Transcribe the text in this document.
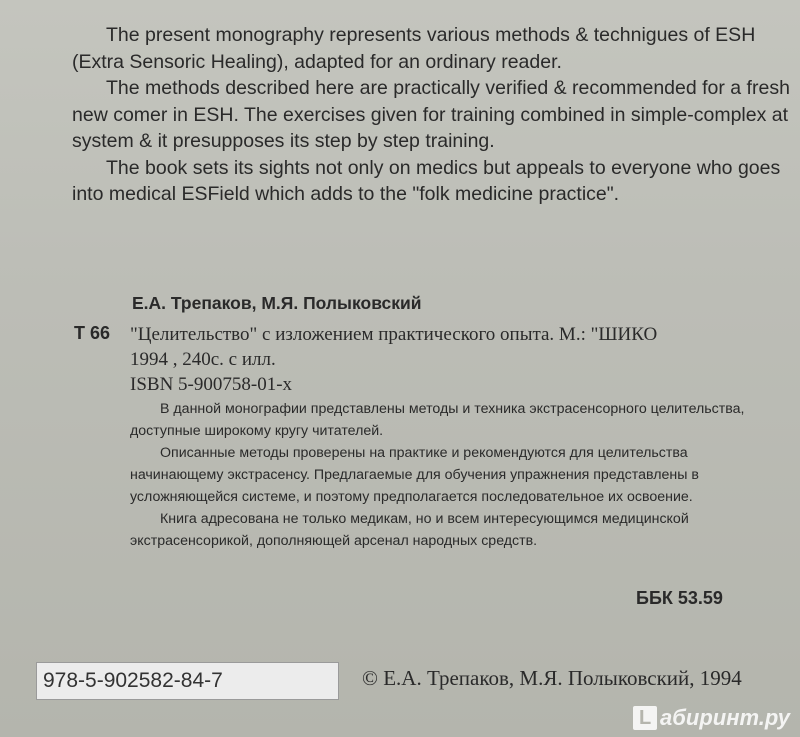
The present monography represents various methods & technigues of ESH (Extra Sensoric Healing), adapted for an ordinary reader.

The methods described here are practically verified & recommended for a fresh new comer in ESH. The exercises given for training combined in simple-complex at system & it presupposes its step by step training.

The book sets its sights not only on medics but appeals to everyone who goes into medical ESField which adds to the "folk medicine practice".

Е.А. Трепаков, М.Я. Полыковский
Т 66 "Целительство" с изложением практического опыта. М.: "ШИКО
1994 , 240с. с илл.
ISBN 5-900758-01-х

В данной монографии представлены методы и техника экстрасенсорного целительства, доступные широкому кругу читателей.

Описанные методы проверены на практике и рекомендуются для целительства начинающему экстрасенсу. Предлагаемые для обучения упражнения представлены в усложняющейся системе, и поэтому предполагается последовательное их освоение.

Книга адресована не только медикам, но и всем интересующимся медицинской экстрасенсорикой, дополняющей арсенал народных средств.

ББК 53.59
978-5-902582-84-7	© Е.А. Трепаков, М.Я. Полыковский, 1994
L абиринт.ру
